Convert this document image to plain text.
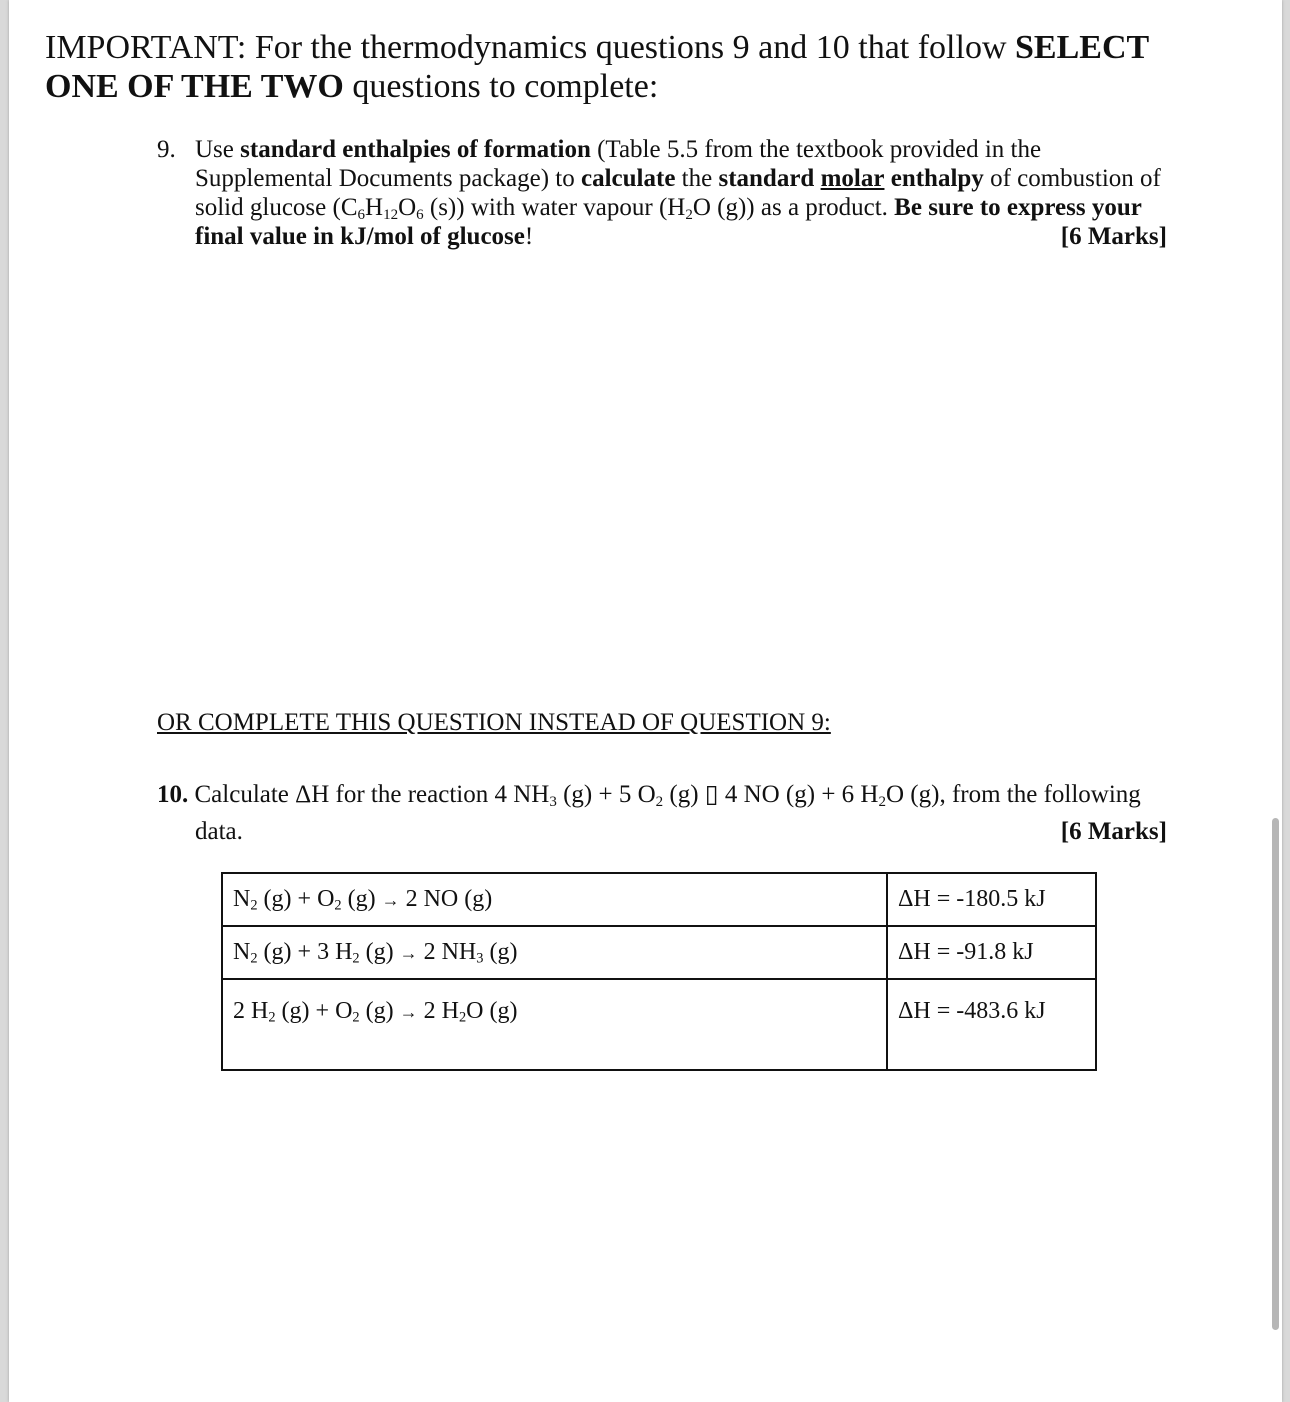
IMPORTANT: For the thermodynamics questions 9 and 10 that follow SELECT
ONE OF THE TWO questions to complete:

9. Use standard enthalpies of formation (Table 5.5 from the textbook provided in the
Supplemental Documents package) to calculate the standard molar enthalpy of combustion of
solid glucose ($C_6H_{12}O_6$ (s)) with water vapour ($H_2O$ (g)) as a product. Be sure to express your
final value in kJ/mol of glucose!	[6 Marks]
OR COMPLETE THIS QUESTION INSTEAD OF QUESTION 9:
10. Calculate ΔH for the reaction 4 $NH_3$ (g) + 5 $O_2$ (g) ▯ 4 NO (g) + 6 $H_2O$ (g), from the following
data.	[6 Marks]
$N_2$ $(g) + O_2$ (g) → 2 NO (g)	ΔH = -180.5 kJ
$N_2$ (g) + 3 $H_2$ (g) → 2 $NH_3$ (g)	ΔH = -91.8 kJ
2 $H_2$ $(g) + O_2$ (g) → 2 $H_2O$ (g)	ΔH = -483.6 kJ
